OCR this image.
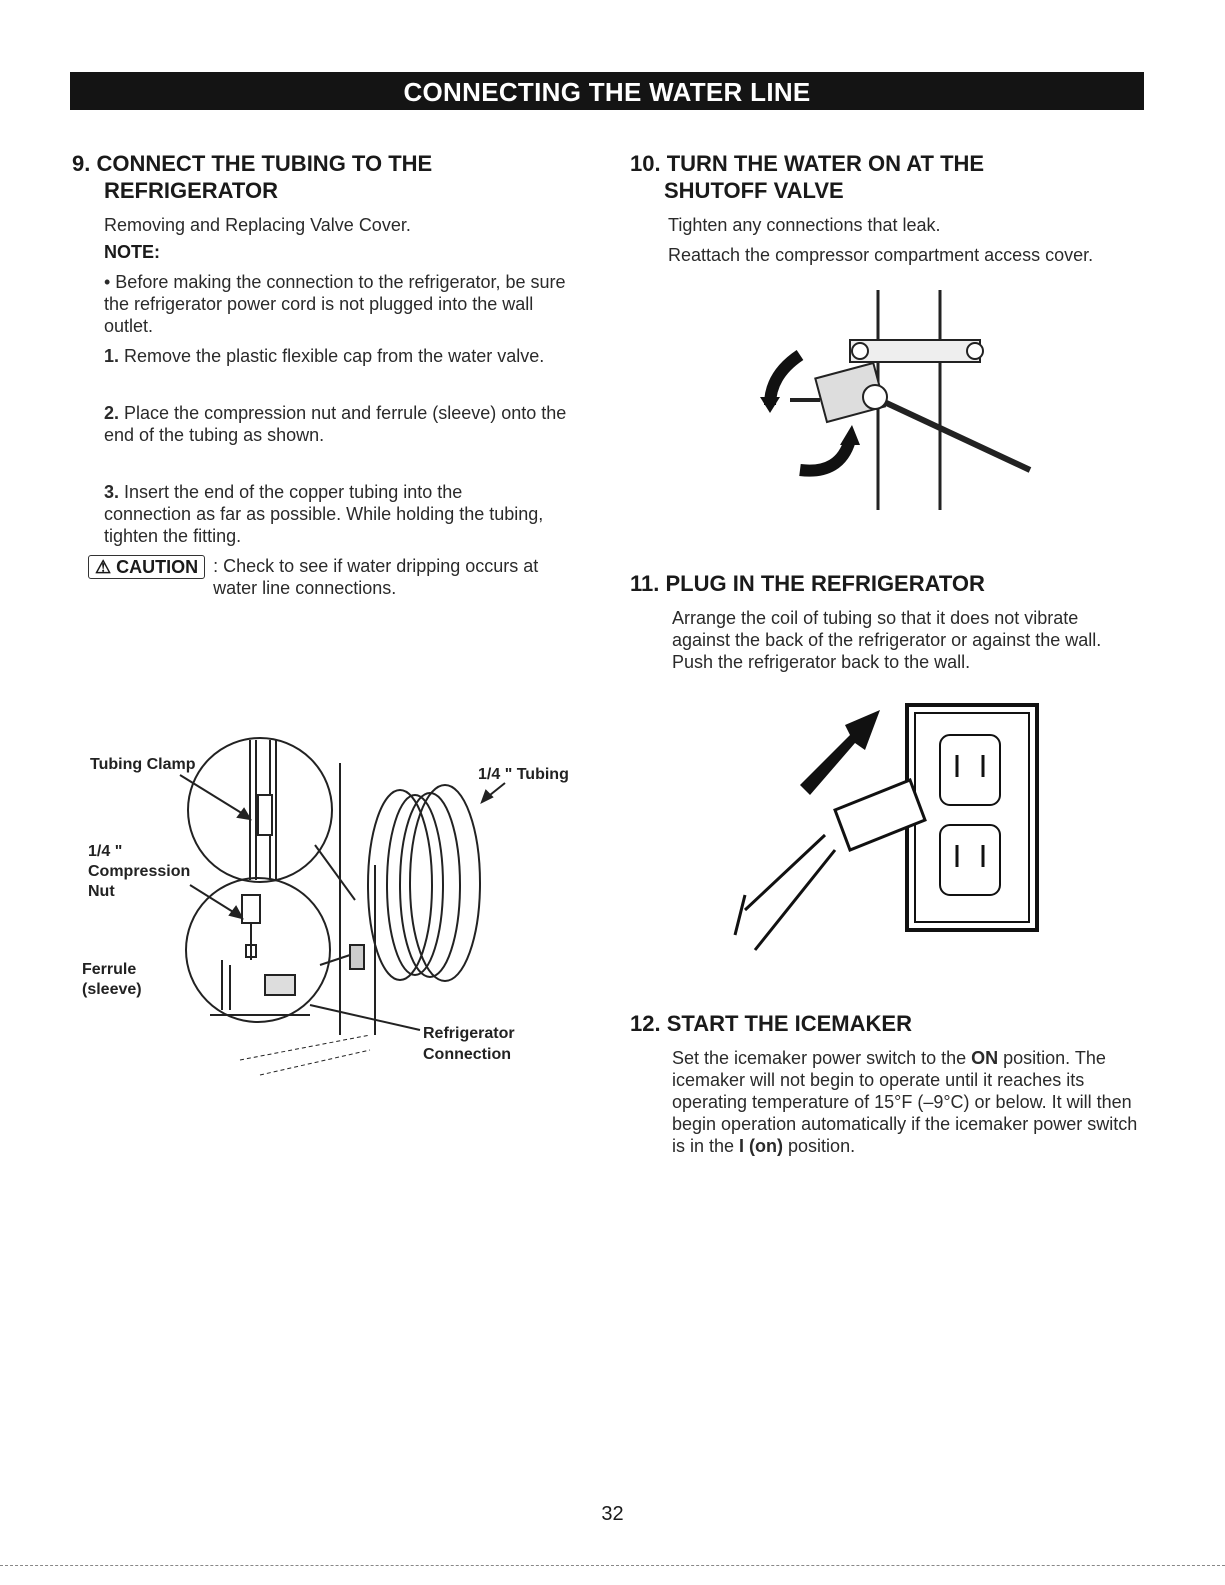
CONNECTING THE WATER LINE
9. CONNECT THE TUBING TO THE
REFRIGERATOR

Removing and Replacing Valve Cover.

NOTE:

• Before making the connection to the refrigerator, be sure the refrigerator power cord is not plugged into the wall outlet.

1. Remove the plastic flexible cap from the water valve.

2. Place the compression nut and ferrule (sleeve) onto the end of the tubing as shown.

3. Insert the end of the copper tubing into the connection as far as possible. While holding the tubing, tighten the fitting.

⚠ CAUTION : Check to see if water dripping occurs at water line connections.
Tubing Clamp
1/4 " Tubing
1/4 "
Compression
Nut
Ferrule
(sleeve)
Refrigerator
Connection
10. TURN THE WATER ON AT THE
SHUTOFF VALVE

Tighten any connections that leak.

Reattach the compressor compartment access cover.

11. PLUG IN THE REFRIGERATOR

Arrange the coil of tubing so that it does not vibrate against the back of the refrigerator or against the wall. Push the refrigerator back to the wall.

12. START THE ICEMAKER

Set the icemaker power switch to the ON position. The icemaker will not begin to operate until it reaches its operating temperature of 15°F (–9°C) or below. It will then begin operation automatically if the icemaker power switch is in the I (on) position.

32
